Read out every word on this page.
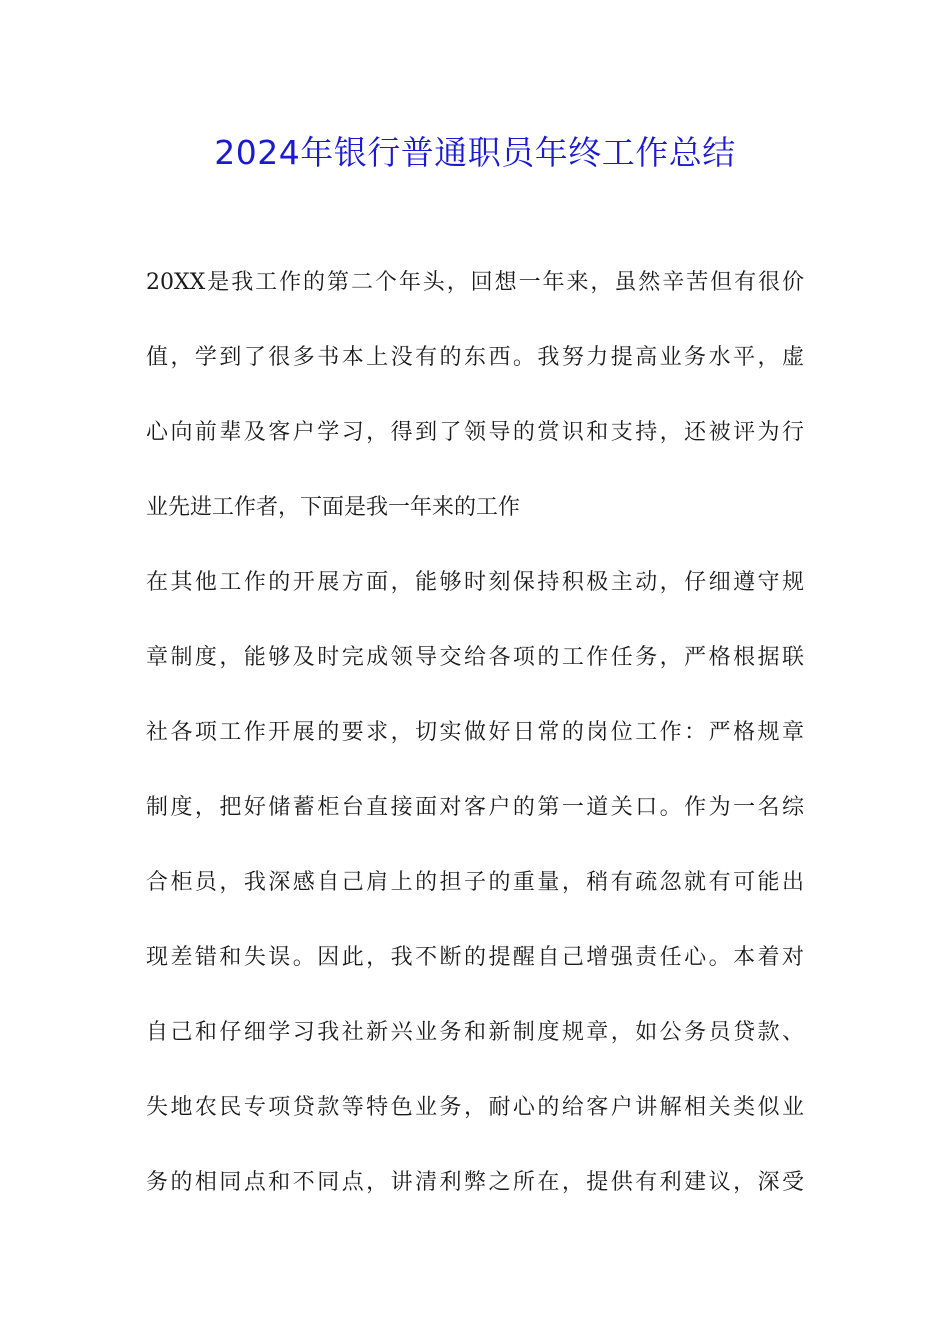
2024年银行普通职员年终工作总结
20XX是我工作的第二个年头，回想一年来，虽然辛苦但有很价
值，学到了很多书本上没有的东西。我努力提高业务水平，虚
心向前辈及客户学习，得到了领导的赏识和支持，还被评为行
业先进工作者，下面是我一年来的工作
在其他工作的开展方面，能够时刻保持积极主动，仔细遵守规
章制度，能够及时完成领导交给各项的工作任务，严格根据联
社各项工作开展的要求，切实做好日常的岗位工作：严格规章
制度，把好储蓄柜台直接面对客户的第一道关口。作为一名综
合柜员，我深感自己肩上的担子的重量，稍有疏忽就有可能出
现差错和失误。因此，我不断的提醒自己增强责任心。本着对
自己和仔细学习我社新兴业务和新制度规章，如公务员贷款、
失地农民专项贷款等特色业务，耐心的给客户讲解相关类似业
务的相同点和不同点，讲清利弊之所在，提供有利建议，深受
